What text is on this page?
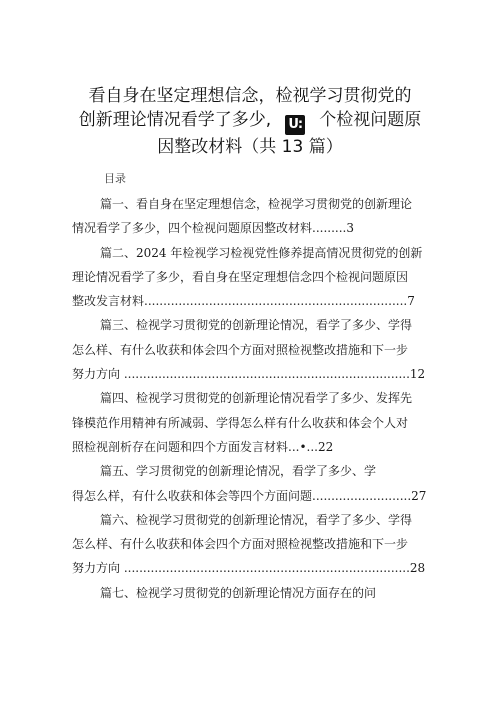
看自身在坚定理想信念，检视学习贯彻党的
创新理论情况看学了多少, U: 个检视问题原
因整改材料（共 13 篇）
目录
篇一、看自身在坚定理想信念，检视学习贯彻党的创新理论
情况看学了多少，四个检视问题原因整改材料.........3
篇二、2024 年检视学习检视党性修养提高情况贯彻党的创新
理论情况看学了多少，看自身在坚定理想信念四个检视问题原因
整改发言材料.....................................................................7
篇三、检视学习贯彻党的创新理论情况，看学了多少、学得
怎么样、有什么收获和体会四个方面对照检视整改措施和下一步
努力方向 ...........................................................................12
篇四、检视学习贯彻党的创新理论情况看学了多少、发挥先
锋模范作用精神有所减弱、学得怎么样有什么收获和体会个人对
照检视剖析存在问题和四个方面发言材料...•...22
篇五、学习贯彻党的创新理论情况，看学了多少、学
得怎么样，有什么收获和体会等四个方面问题..........................27
篇六、检视学习贯彻党的创新理论情况，看学了多少、学得
怎么样、有什么收获和体会四个方面对照检视整改措施和下一步
努力方向 ...........................................................................28
篇七、检视学习贯彻党的创新理论情况方面存在的问
